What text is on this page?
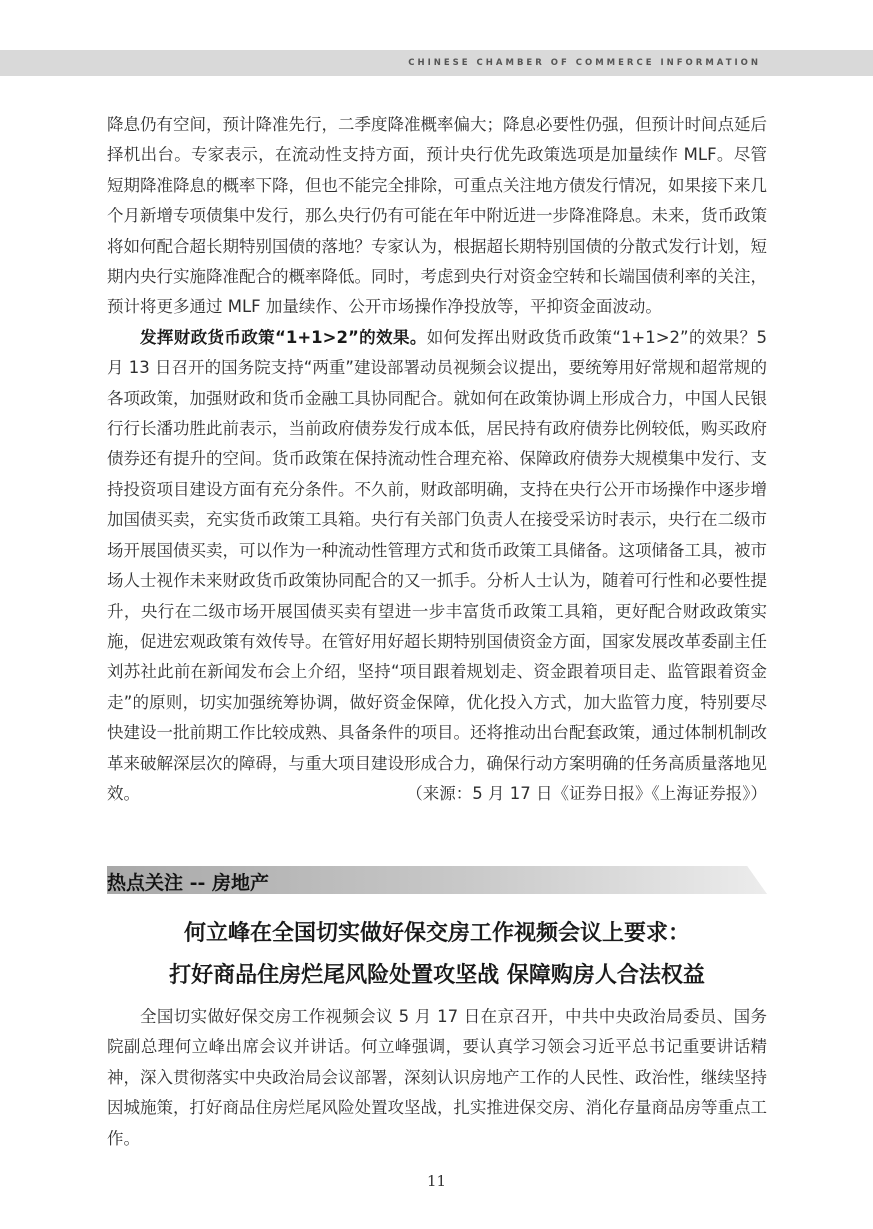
CHINESE CHAMBER OF COMMERCE INFORMATION

降息仍有空间，预计降准先行，二季度降准概率偏大；降息必要性仍强，但预计时间点延后择机出台。专家表示，在流动性支持方面，预计央行优先政策选项是加量续作 MLF。尽管短期降准降息的概率下降，但也不能完全排除，可重点关注地方债发行情况，如果接下来几个月新增专项债集中发行，那么央行仍有可能在年中附近进一步降准降息。未来，货币政策将如何配合超长期特别国债的落地？专家认为，根据超长期特别国债的分散式发行计划，短期内央行实施降准配合的概率降低。同时，考虑到央行对资金空转和长端国债利率的关注，预计将更多通过 MLF 加量续作、公开市场操作净投放等，平抑资金面波动。

发挥财政货币政策“1+1>2”的效果。如何发挥出财政货币政策“1+1>2”的效果？5 月 13 日召开的国务院支持“两重”建设部署动员视频会议提出，要统筹用好常规和超常规的各项政策，加强财政和货币金融工具协同配合。就如何在政策协调上形成合力，中国人民银行行长潘功胜此前表示，当前政府债券发行成本低，居民持有政府债券比例较低，购买政府债券还有提升的空间。货币政策在保持流动性合理充裕、保障政府债券大规模集中发行、支持投资项目建设方面有充分条件。不久前，财政部明确，支持在央行公开市场操作中逐步增加国债买卖，充实货币政策工具箱。央行有关部门负责人在接受采访时表示，央行在二级市场开展国债买卖，可以作为一种流动性管理方式和货币政策工具储备。这项储备工具，被市场人士视作未来财政货币政策协同配合的又一抓手。分析人士认为，随着可行性和必要性提升，央行在二级市场开展国债买卖有望进一步丰富货币政策工具箱，更好配合财政政策实施，促进宏观政策有效传导。在管好用好超长期特别国债资金方面，国家发展改革委副主任刘苏社此前在新闻发布会上介绍，坚持“项目跟着规划走、资金跟着项目走、监管跟着资金走”的原则，切实加强统筹协调，做好资金保障，优化投入方式，加大监管力度，特别要尽快建设一批前期工作比较成熟、具备条件的项目。还将推动出台配套政策，通过体制机制改革来破解深层次的障碍，与重大项目建设形成合力，确保行动方案明确的任务高质量落地见效。	（来源：5 月 17 日《证券日报》《上海证券报》）

热点关注 -- 房地产
何立峰在全国切实做好保交房工作视频会议上要求：
打好商品住房烂尾风险处置攻坚战 保障购房人合法权益

全国切实做好保交房工作视频会议 5 月 17 日在京召开，中共中央政治局委员、国务院副总理何立峰出席会议并讲话。何立峰强调，要认真学习领会习近平总书记重要讲话精神，深入贯彻落实中央政治局会议部署，深刻认识房地产工作的人民性、政治性，继续坚持因城施策，打好商品住房烂尾风险处置攻坚战，扎实推进保交房、消化存量商品房等重点工作。

11
